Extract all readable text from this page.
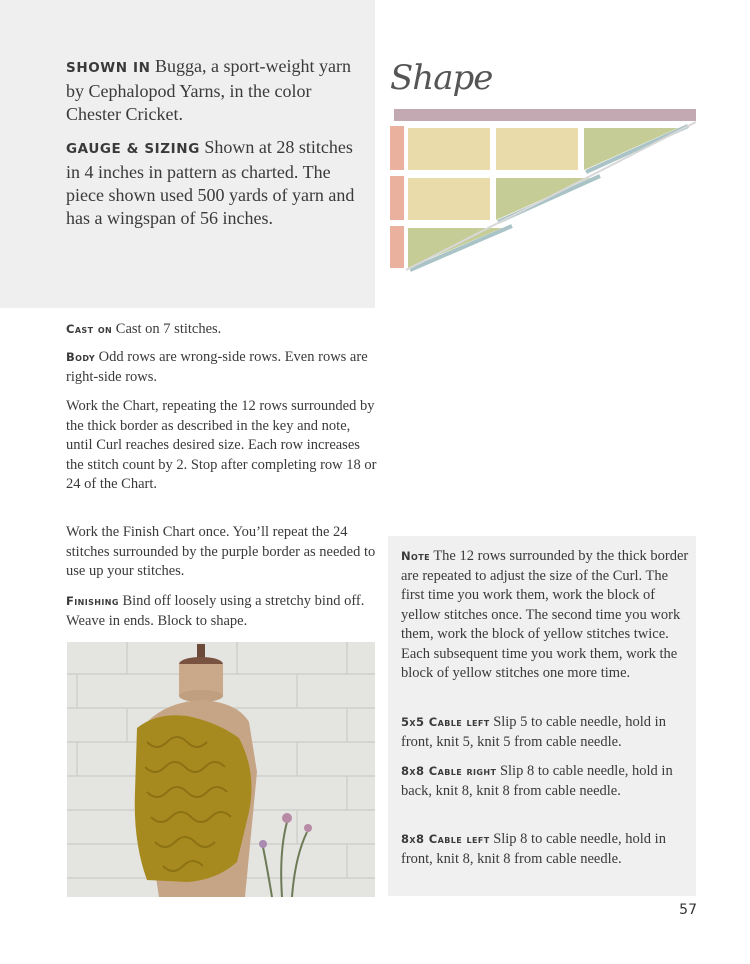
SHOWN IN Bugga, a sport-weight yarn by Cephalopod Yarns, in the color Chester Cricket.

GAUGE & SIZING Shown at 28 stitches in 4 inches in pattern as charted. The piece shown used 500 yards of yarn and has a wingspan of 56 inches.

Shape

Cast on Cast on 7 stitches.

Body Odd rows are wrong-side rows. Even rows are right-side rows.

Work the Chart, repeating the 12 rows surrounded by the thick border as described in the key and note, until Curl reaches desired size. Each row increases the stitch count by 2. Stop after completing row 18 or 24 of the Chart.

Work the Finish Chart once. You’ll repeat the 24 stitches surrounded by the purple border as needed to use up your stitches.

Finishing Bind off loosely using a stretchy bind off. Weave in ends. Block to shape.

Note The 12 rows surrounded by the thick border are repeated to adjust the size of the Curl. The first time you work them, work the block of yellow stitches once. The second time you work them, work the block of yellow stitches twice. Each subsequent time you work them, work the block of yellow stitches one more time.

5x5 Cable left Slip 5 to cable needle, hold in front, knit 5, knit 5 from cable needle.

8x8 Cable right Slip 8 to cable needle, hold in back, knit 8, knit 8 from cable needle.

8x8 Cable left Slip 8 to cable needle, hold in front, knit 8, knit 8 from cable needle.

57
